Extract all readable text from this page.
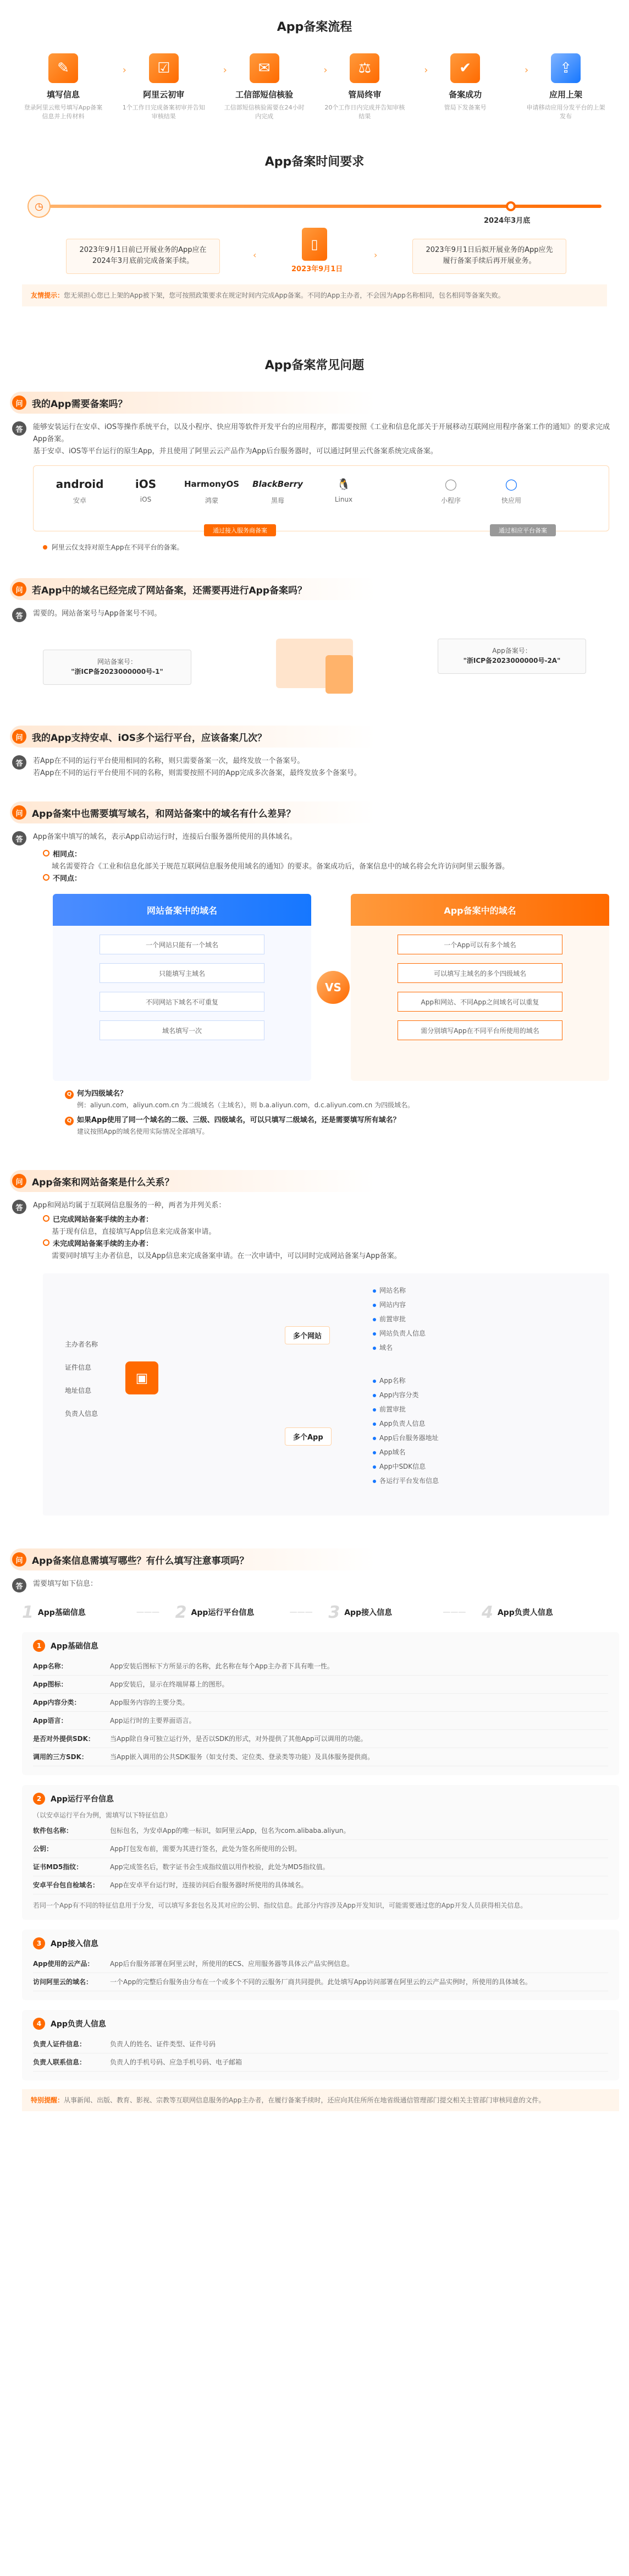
App备案流程
✎
填写信息
登录阿里云账号填写App备案信息并上传材料
›	☑
阿里云初审
1个工作日完成备案初审并告知审核结果
›	✉
工信部短信核验
工信部短信核验需要在24小时内完成
›	⚖
管局终审
20个工作日内完成并告知审核结果
›	✔
备案成功
管局下发备案号
›	⇪
应用上架
申请移动应用分发平台的上架发布
App备案时间要求
◷
2024年3月底
2023年9月1日前已开展业务的App应在2024年3月底前完成备案手续。
‹
▯
2023年9月1日
›	2023年9月1日后拟开展业务的App应先履行备案手续后再开展业务。
友情提示：您无须担心您已上架的App被下架，您可按照政策要求在规定时间内完成App备案。不同的App主办者，不会因为App名称相同，包名相同等备案失败。
App备案常见问题
问 我的App需要备案吗？
答	能够安装运行在安卓、iOS等操作系统平台，以及小程序、快应用等软件开发平台的应用程序，都需要按照《工业和信息化部关于开展移动互联网应用程序备案工作的通知》的要求完成App备案。
基于安卓、iOS等平台运行的原生App，并且使用了阿里云云产品作为App后台服务器时，可以通过阿里云代备案系统完成备案。
android
安卓
iOS
iOS
HarmonyOS
鸿蒙
BlackBerry
黑莓
🐧
Linux
◯
小程序
◯
快应用
通过接入服务商备案	通过相应平台备案
阿里云仅支持对原生App在不同平台的备案。
问 若App中的域名已经完成了网站备案，还需要再进行App备案吗？
答	需要的。网站备案号与App备案号不同。
网站备案号：
"浙ICP备2023000000号-1"
App备案号：
"浙ICP备2023000000号-2A"
问 我的App支持安卓、iOS多个运行平台，应该备案几次？
答	若App在不同的运行平台使用相同的名称，则只需要备案一次，最终发放一个备案号。
若App在不同的运行平台使用不同的名称，则需要按照不同的App完成多次备案，最终发放多个备案号。
问 App备案中也需要填写域名，和网站备案中的域名有什么差异？
答	App备案中填写的域名，表示App启动运行时，连接后台服务器所使用的具体域名。
相同点：
域名需要符合《工业和信息化部关于规范互联网信息服务使用域名的通知》的要求。备案成功后，备案信息中的域名将会允许访问阿里云服务器。
不同点：
网站备案中的域名
一个网站只能有一个域名
只能填写主域名
不同网站下域名不可重复
域名填写一次
VS
App备案中的域名
一个App可以有多个域名
可以填写主域名的多个四级域名
App和网站、不同App之间域名可以重复
需分别填写App在不同平台所使用的域名
Q 何为四级域名？
例：aliyun.com，aliyun.com.cn 为二级域名（主域名），则 b.a.aliyun.com，d.c.aliyun.com.cn 为四级域名。
Q 如果App使用了同一个域名的二级、三级、四级域名，可以只填写二级域名，还是需要填写所有域名？
建议按照App的域名使用实际情况全部填写。
问 App备案和网站备案是什么关系？
答	App和网站均属于互联网信息服务的一种，两者为并列关系：
已完成网站备案手续的主办者：
基于现有信息，直接填写App信息来完成备案申请。
未完成网站备案手续的主办者：
需要同时填写主办者信息，以及App信息来完成备案申请。在一次申请中，可以同时完成网站备案与App备案。
主办者名称
证件信息
地址信息
负责人信息
▣
多个网站
多个App
网站名称
网站内容
前置审批
网站负责人信息
域名
App名称
App内容分类
前置审批
App负责人信息
App后台服务器地址
App域名
App中SDK信息
各运行平台发布信息
问 App备案信息需填写哪些？有什么填写注意事项吗？
答	需要填写如下信息：
1 App基础信息	——— 2 App运行平台信息	——— 3 App接入信息	——— 4 App负责人信息
1	App基础信息
App名称：	App安装后图标下方所显示的名称，此名称在每个App主办者下具有唯一性。
App图标：	App安装后，显示在终端屏幕上的图形。
App内容分类：	App服务内容的主要分类。
App语言：	App运行时的主要界面语言。
是否对外提供SDK：	当App除自身可独立运行外，是否以SDK的形式，对外提供了其他App可以调用的功能。
调用的三方SDK：	当App嵌入调用的公共SDK服务（如支付类、定位类、登录类等功能）及具体服务提供商。
2	App运行平台信息
（以安卓运行平台为例，需填写以下特征信息）
软件包名称：	包标包名，为安卓App的唯一标识，如阿里云App，包名为com.alibaba.aliyun。
公钥：	App打包发布前，需要为其进行签名，此处为签名所使用的公钥。
证书MD5指纹：	App完成签名后，数字证书会生成指纹值以用作校验，此处为MD5指纹值。
安卓平台包自检域名：	App在安卓平台运行时，连接访问后台服务器时所使用的具体域名。
若同一个App有不同的特征信息用于分发，可以填写多套包名及其对应的公钥、指纹信息。此部分内容涉及App开发知识，可能需要通过您的App开发人员获得相关信息。
3	App接入信息
App使用的云产品：	App后台服务部署在阿里云时，所使用的ECS、应用服务器等具体云产品实例信息。
访问阿里云的域名：	一个App的完整后台服务由分布在一个或多个不同的云服务厂商共同提供。此处填写App访问部署在阿里云的云产品实例时，所使用的具体域名。
4	App负责人信息
负责人证件信息：	负责人的姓名、证件类型、证件号码
负责人联系信息：	负责人的手机号码、应急手机号码、电子邮箱
特别提醒：从事新闻、出版、教育、影视、宗教等互联网信息服务的App主办者，在履行备案手续时，还应向其住所所在地省级通信管理部门提交相关主管部门审核同意的文件。
